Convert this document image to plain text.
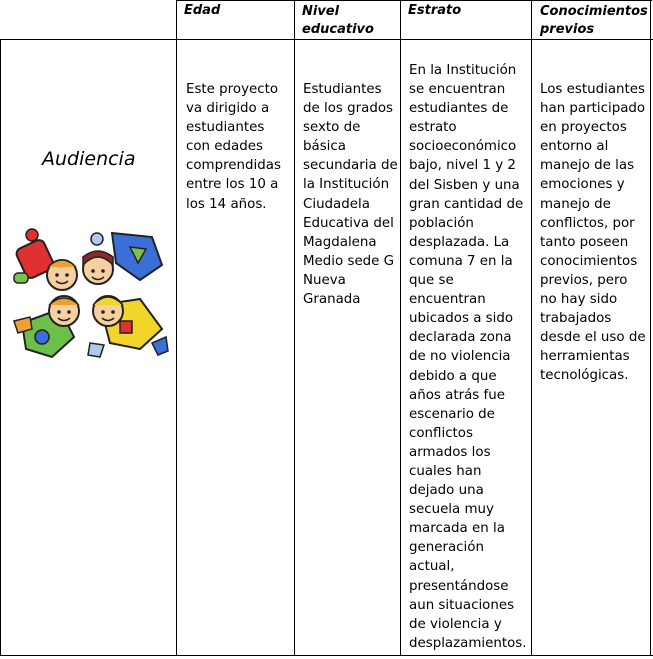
Edad	Nivel educativo
Estrato	Conocimientos previos
Audiencia
Este proyecto va dirigido a estudiantes con edades comprendidas entre los 10 a los 14 años.
Estudiantes de los grados sexto de básica secundaria de la Institución Ciudadela Educativa del Magdalena Medio sede G Nueva Granada
En la Institución se encuentran estudiantes de estrato socioeconómico bajo, nivel 1 y 2 del Sisben y una gran cantidad de población desplazada. La comuna 7 en la que se encuentran ubicados a sido declarada zona de no violencia debido a que años atrás fue escenario de conflictos armados los cuales han dejado una secuela muy marcada en la generación actual, presentándose aun situaciones de violencia y desplazamientos.
Los estudiantes han participado en proyectos entorno al manejo de las emociones y manejo de conflictos, por tanto poseen conocimientos previos, pero no hay sido trabajados desde el uso de herramientas tecnológicas.
